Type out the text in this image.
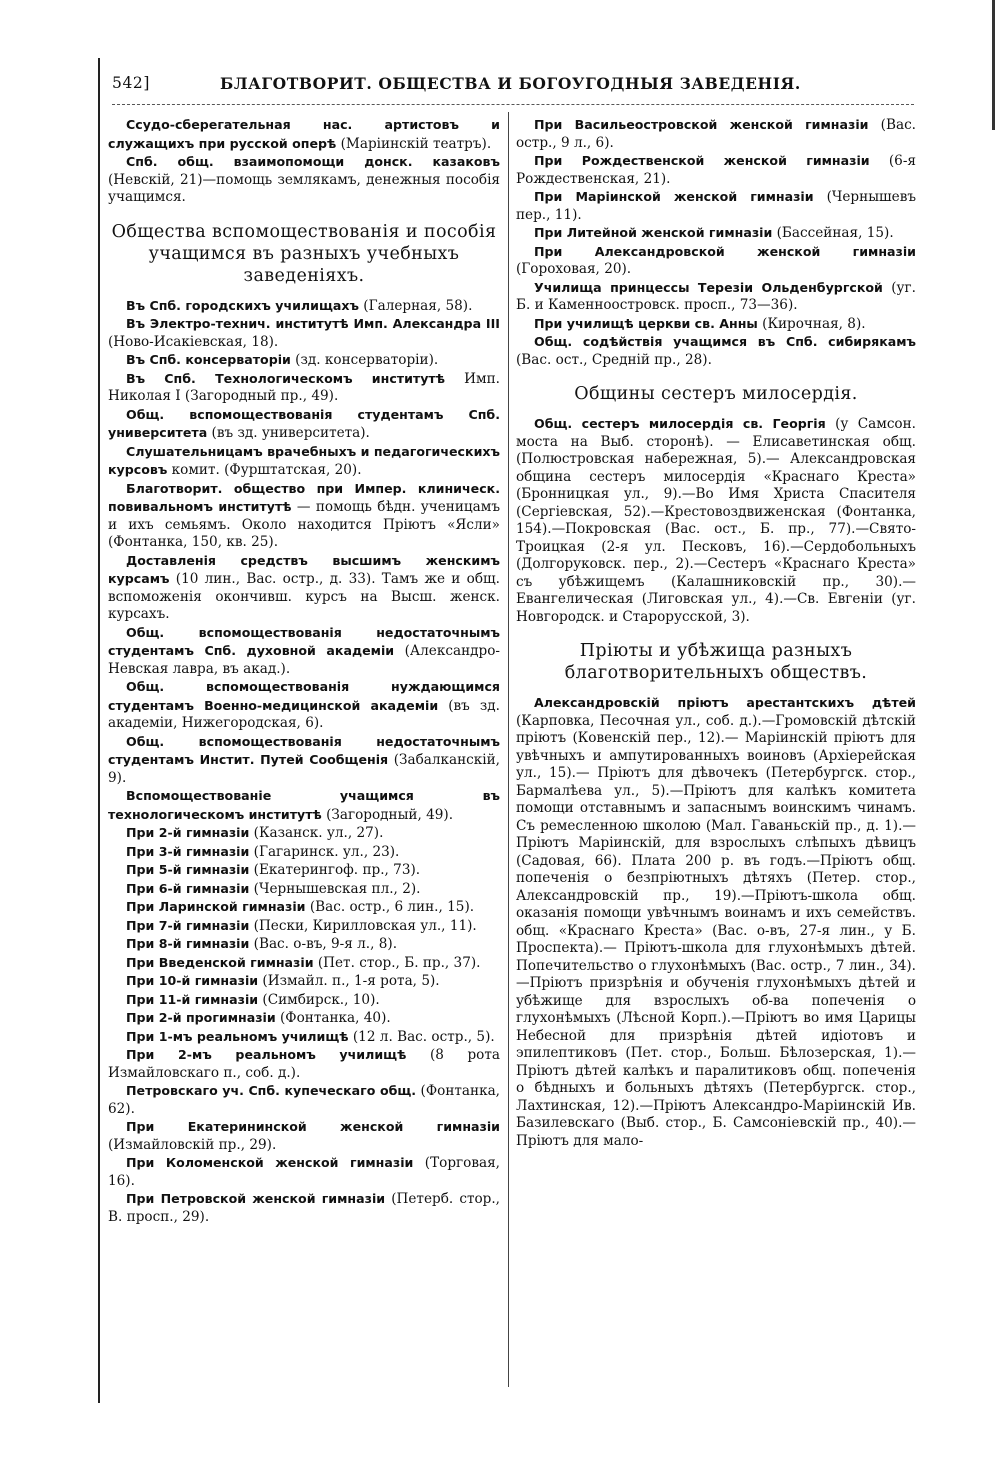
542]	БЛАГОТВОРИТ. ОБЩЕСТВА И БОГОУГОДНЫЯ ЗАВЕДЕНІЯ.

Ссудо-сберегательная нас. артистовъ и служащихъ при русской оперѣ (Маріинскій театръ).

Спб. общ. взаимопомощи донск. казаковъ (Невскій, 21)—помощь землякамъ, денежныя пособія учащимся.

Общества вспомоществованія и пособія учащимся въ разныхъ учебныхъ заведеніяхъ.

Въ Спб. городскихъ училищахъ (Галерная, 58).

Въ Электро-технич. институтѣ Имп. Александра III (Ново-Исакіевская, 18).

Въ Спб. консерваторіи (зд. консерваторіи).

Въ Спб. Технологическомъ институтѣ Имп. Николая I (Загородный пр., 49).

Общ. вспомоществованія студентамъ Спб. университета (въ зд. университета).

Слушательницамъ врачебныхъ и педагогическихъ курсовъ комит. (Фурштатская, 20).

Благотворит. общество при Импер. клиническ. повивальномъ институтѣ — помощь бѣдн. ученицамъ и ихъ семьямъ. Около находится Пріютъ «Ясли» (Фонтанка, 150, кв. 25).

Доставленія средствъ высшимъ женскимъ курсамъ (10 лин., Вас. остр., д. 33). Тамъ же и общ. вспоможенія окончивш. курсъ на Высш. женск. курсахъ.

Общ. вспомоществованія недостаточнымъ студентамъ Спб. духовной академіи (Александро-Невская лавра, въ акад.).

Общ. вспомоществованія нуждающимся студентамъ Военно-медицинской академіи (въ зд. академіи, Нижегородская, 6).

Общ. вспомоществованія недостаточнымъ студентамъ Инстит. Путей Сообщенія (Забалканскій, 9).

Вспомоществованіе учащимся въ технологическомъ институтѣ (Загородный, 49).

При 2-й гимназіи (Казанск. ул., 27).

При 3-й гимназіи (Гагаринск. ул., 23).

При 5-й гимназіи (Екатерингоф. пр., 73).

При 6-й гимназіи (Чернышевская пл., 2).

При Ларинской гимназіи (Вас. остр., 6 лин., 15).

При 7-й гимназіи (Пески, Кирилловская ул., 11).

При 8-й гимназіи (Вас. о-въ, 9-я л., 8).

При Введенской гимназіи (Пет. стор., Б. пр., 37).

При 10-й гимназіи (Измайл. п., 1-я рота, 5).

При 11-й гимназіи (Симбирск., 10).

При 2-й прогимназіи (Фонтанка, 40).

При 1-мъ реальномъ училищѣ (12 л. Вас. остр., 5).

При 2-мъ реальномъ училищѣ (8 рота Измайловскаго п., соб. д.).

Петровскаго уч. Спб. купеческаго общ. (Фонтанка, 62).

При Екатерининской женской гимназіи (Измайловскій пр., 29).

При Коломенской женской гимназіи (Торговая, 16).

При Петровской женской гимназіи (Петерб. стор., В. просп., 29).

При Васильеостровской женской гимназіи (Вас. остр., 9 л., 6).

При Рождественской женской гимназіи (6-я Рождественская, 21).

При Маріинской женской гимназіи (Чернышевъ пер., 11).

При Литейной женской гимназіи (Бассейная, 15).

При Александровской женской гимназіи (Гороховая, 20).

Училища принцессы Терезіи Ольденбургской (уг. Б. и Каменноостровск. просп., 73—36).

При училищѣ церкви св. Анны (Кирочная, 8).

Общ. содѣйствія учащимся въ Спб. сибирякамъ (Вас. ост., Средній пр., 28).

Общины сестеръ милосердія.

Общ. сестеръ милосердія св. Георгія (у Самсон. моста на Выб. сторонѣ). — Елисаветинская общ. (Полюстровская набережная, 5).— Александровская община сестеръ милосердія «Краснаго Креста» (Бронницкая ул., 9).—Во Имя Христа Спасителя (Сергіевская, 52).—Крестовоздвиженская (Фонтанка, 154).—Покровская (Вас. ост., Б. пр., 77).—Свято-Троицкая (2-я ул. Песковъ, 16).—Сердобольныхъ (Долгоруковск. пер., 2).—Сестеръ «Краснаго Креста» съ убѣжищемъ (Калашниковскій пр., 30).—Евангелическая (Лиговская ул., 4).—Св. Евгеніи (уг. Новгородск. и Старорусской, 3).

Пріюты и убѣжища разныхъ благотворительныхъ обществъ.

Александровскій пріютъ арестантскихъ дѣтей (Карповка, Песочная ул., соб. д.).—Громовскій дѣтскій пріютъ (Ковенскій пер., 12).— Маріинскій пріютъ для увѣчныхъ и ампутированныхъ воиновъ (Архіерейская ул., 15).— Пріютъ для дѣвочекъ (Петербургск. стор., Бармалѣева ул., 5).—Пріютъ для калѣкъ комитета помощи отставнымъ и запаснымъ воинскимъ чинамъ. Съ ремесленною школою (Мал. Гаваньскій пр., д. 1).—Пріютъ Маріинскій, для взрослыхъ слѣпыхъ дѣвицъ (Садовая, 66). Плата 200 р. въ годъ.—Пріютъ общ. попеченія о безпріютныхъ дѣтяхъ (Петер. стор., Александровскій пр., 19).—Пріютъ-школа общ. оказанія помощи увѣчнымъ воинамъ и ихъ семействъ. общ. «Краснаго Креста» (Вас. о-въ, 27-я лин., у Б. Проспекта).— Пріютъ-школа для глухонѣмыхъ дѣтей. Попечительство о глухонѣмыхъ (Вас. остр., 7 лин., 34).—Пріютъ призрѣнія и обученія глухонѣмыхъ дѣтей и убѣжище для взрослыхъ об-ва попеченія о глухонѣмыхъ (Лѣсной Корп.).—Пріютъ во имя Царицы Небесной для призрѣнія дѣтей идіотовъ и эпилептиковъ (Пет. стор., Больш. Бѣлозерская, 1).—Пріютъ дѣтей калѣкъ и паралитиковъ общ. попеченія о бѣдныхъ и больныхъ дѣтяхъ (Петербургск. стор., Лахтинская, 12).—Пріютъ Александро-Маріинскій Ив. Базилевскаго (Выб. стор., Б. Самсоніевскій пр., 40).—Пріютъ для мало-
